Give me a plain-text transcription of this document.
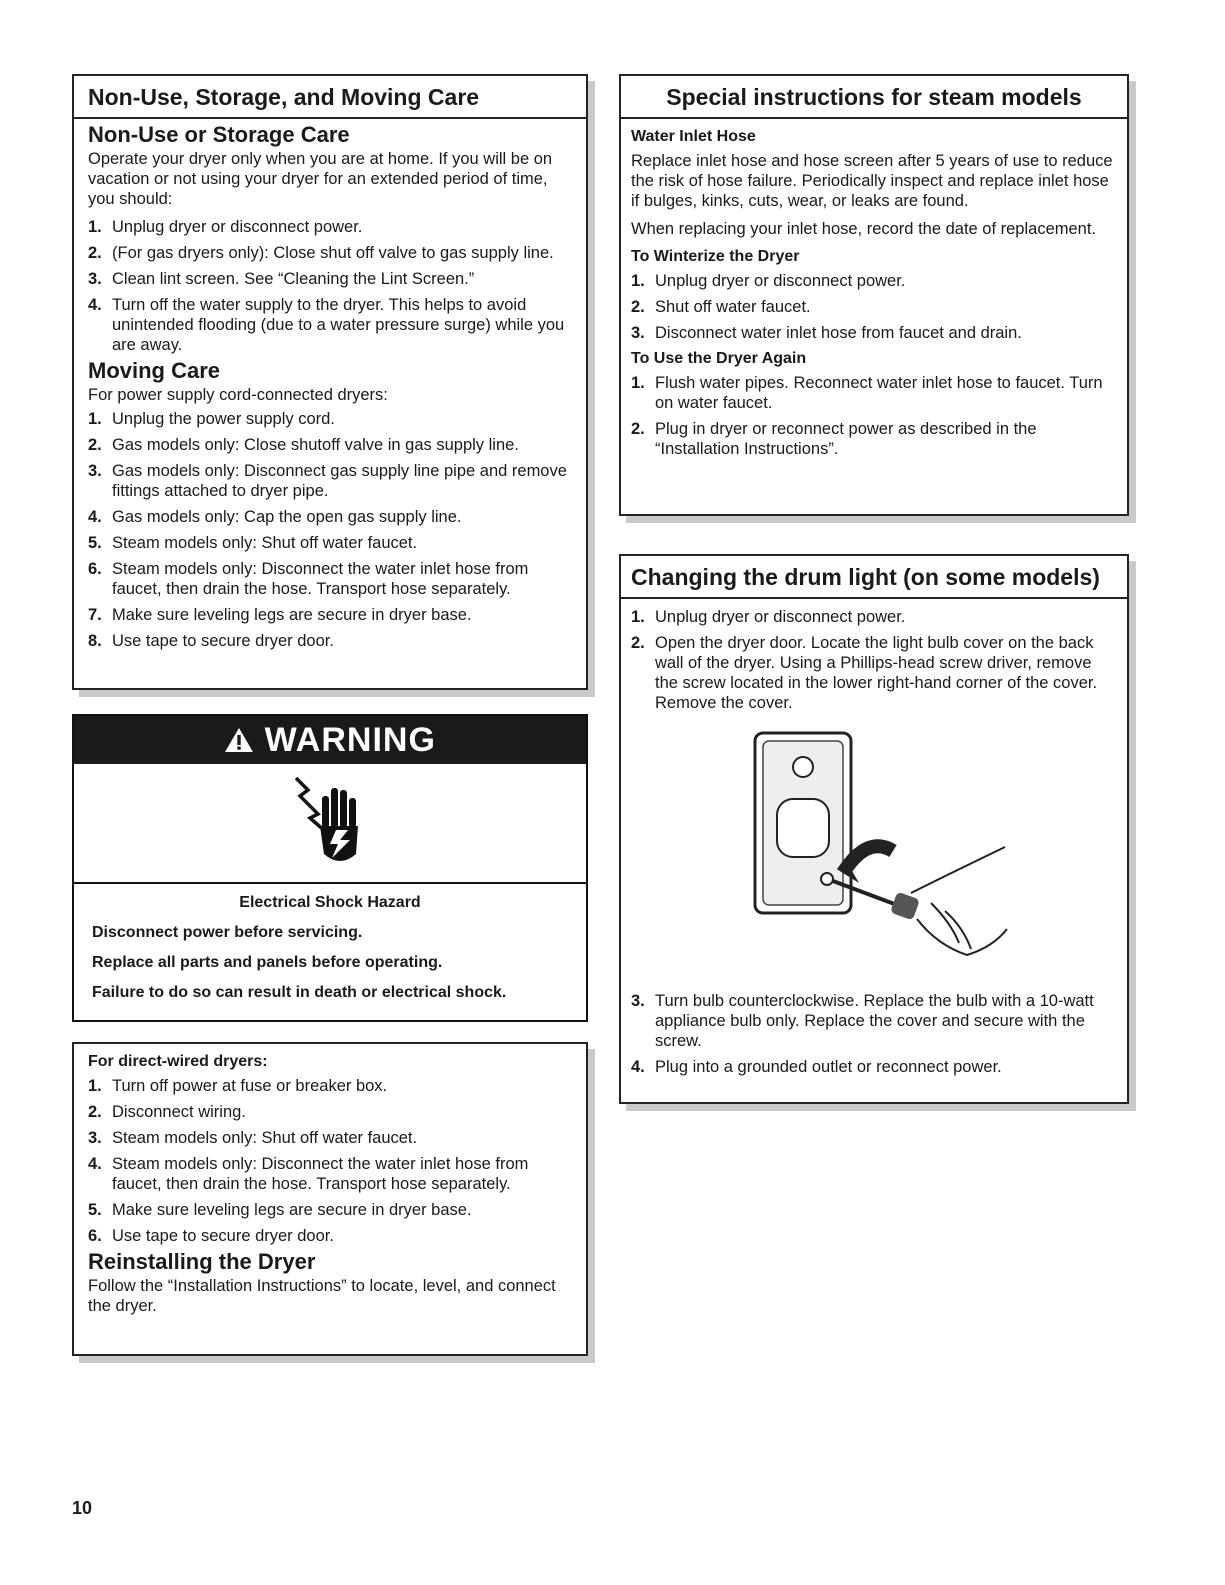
Non-Use, Storage, and Moving Care
Non-Use or Storage Care

Operate your dryer only when you are at home. If you will be on vacation or not using your dryer for an extended period of time, you should:

1. Unplug dryer or disconnect power.
2. (For gas dryers only): Close shut off valve to gas supply line.
3. Clean lint screen. See “Cleaning the Lint Screen.”
4. Turn off the water supply to the dryer. This helps to avoid unintended flooding (due to a water pressure surge) while you are away.
Moving Care

For power supply cord-connected dryers:

1. Unplug the power supply cord.
2. Gas models only: Close shutoff valve in gas supply line.
3. Gas models only: Disconnect gas supply line pipe and remove fittings attached to dryer pipe.
4. Gas models only: Cap the open gas supply line.
5. Steam models only: Shut off water faucet.
6. Steam models only: Disconnect the water inlet hose from faucet, then drain the hose. Transport hose separately.
7. Make sure leveling legs are secure in dryer base.
8. Use tape to secure dryer door.
WARNING
Electrical Shock Hazard
Disconnect power before servicing.
Replace all parts and panels before operating.
Failure to do so can result in death or electrical shock.
For direct-wired dryers:
1. Turn off power at fuse or breaker box.
2. Disconnect wiring.
3. Steam models only: Shut off water faucet.
4. Steam models only: Disconnect the water inlet hose from faucet, then drain the hose. Transport hose separately.
5. Make sure leveling legs are secure in dryer base.
6. Use tape to secure dryer door.
Reinstalling the Dryer

Follow the “Installation Instructions” to locate, level, and connect the dryer.

Special instructions for steam models
Water Inlet Hose

Replace inlet hose and hose screen after 5 years of use to reduce the risk of hose failure. Periodically inspect and replace inlet hose if bulges, kinks, cuts, wear, or leaks are found.

When replacing your inlet hose, record the date of replacement.

To Winterize the Dryer
1. Unplug dryer or disconnect power.
2. Shut off water faucet.
3. Disconnect water inlet hose from faucet and drain.
To Use the Dryer Again
1. Flush water pipes. Reconnect water inlet hose to faucet. Turn on water faucet.
2. Plug in dryer or reconnect power as described in the “Installation Instructions”.
Changing the drum light (on some models)
1. Unplug dryer or disconnect power.
2. Open the dryer door. Locate the light bulb cover on the back wall of the dryer. Using a Phillips-head screw driver, remove the screw located in the lower right-hand corner of the cover. Remove the cover.
3. Turn bulb counterclockwise. Replace the bulb with a 10-watt appliance bulb only. Replace the cover and secure with the screw.
4. Plug into a grounded outlet or reconnect power.
10
